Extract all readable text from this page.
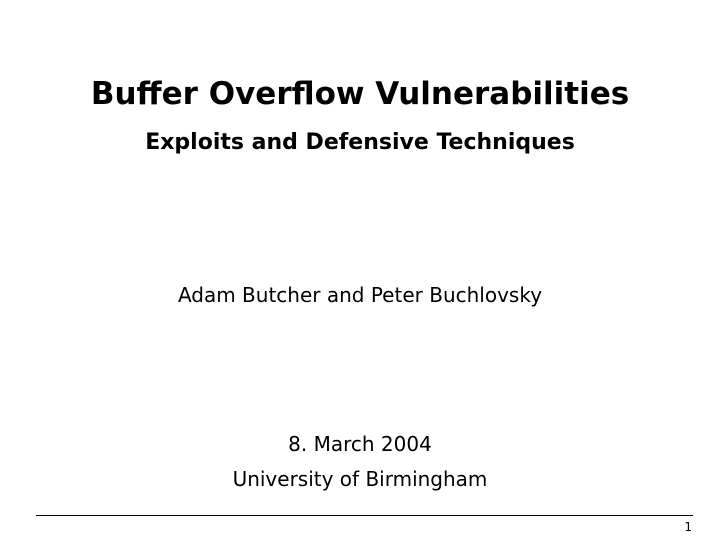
Buffer Overflow Vulnerabilities
Exploits and Defensive Techniques
Adam Butcher and Peter Buchlovsky
8. March 2004
University of Birmingham
1
